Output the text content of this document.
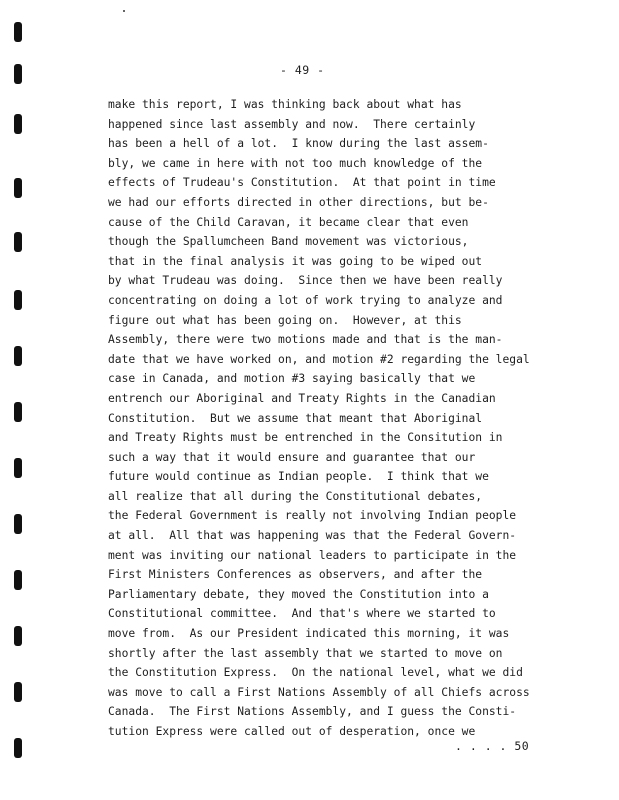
- 49 -
make this report, I was thinking back about what has
happened since last assembly and now.  There certainly
has been a hell of a lot.  I know during the last assem-
bly, we came in here with not too much knowledge of the
effects of Trudeau's Constitution.  At that point in time
we had our efforts directed in other directions, but be-
cause of the Child Caravan, it became clear that even
though the Spallumcheen Band movement was victorious,
that in the final analysis it was going to be wiped out
by what Trudeau was doing.  Since then we have been really
concentrating on doing a lot of work trying to analyze and
figure out what has been going on.  However, at this
Assembly, there were two motions made and that is the man-
date that we have worked on, and motion #2 regarding the legal
case in Canada, and motion #3 saying basically that we
entrench our Aboriginal and Treaty Rights in the Canadian
Constitution.  But we assume that meant that Aboriginal
and Treaty Rights must be entrenched in the Consitution in
such a way that it would ensure and guarantee that our
future would continue as Indian people.  I think that we
all realize that all during the Constitutional debates,
the Federal Government is really not involving Indian people
at all.  All that was happening was that the Federal Govern-
ment was inviting our national leaders to participate in the
First Ministers Conferences as observers, and after the
Parliamentary debate, they moved the Constitution into a
Constitutional committee.  And that's where we started to
move from.  As our President indicated this morning, it was
shortly after the last assembly that we started to move on
the Constitution Express.  On the national level, what we did
was move to call a First Nations Assembly of all Chiefs across
Canada.  The First Nations Assembly, and I guess the Consti-
tution Express were called out of desperation, once we
. . . . 50
